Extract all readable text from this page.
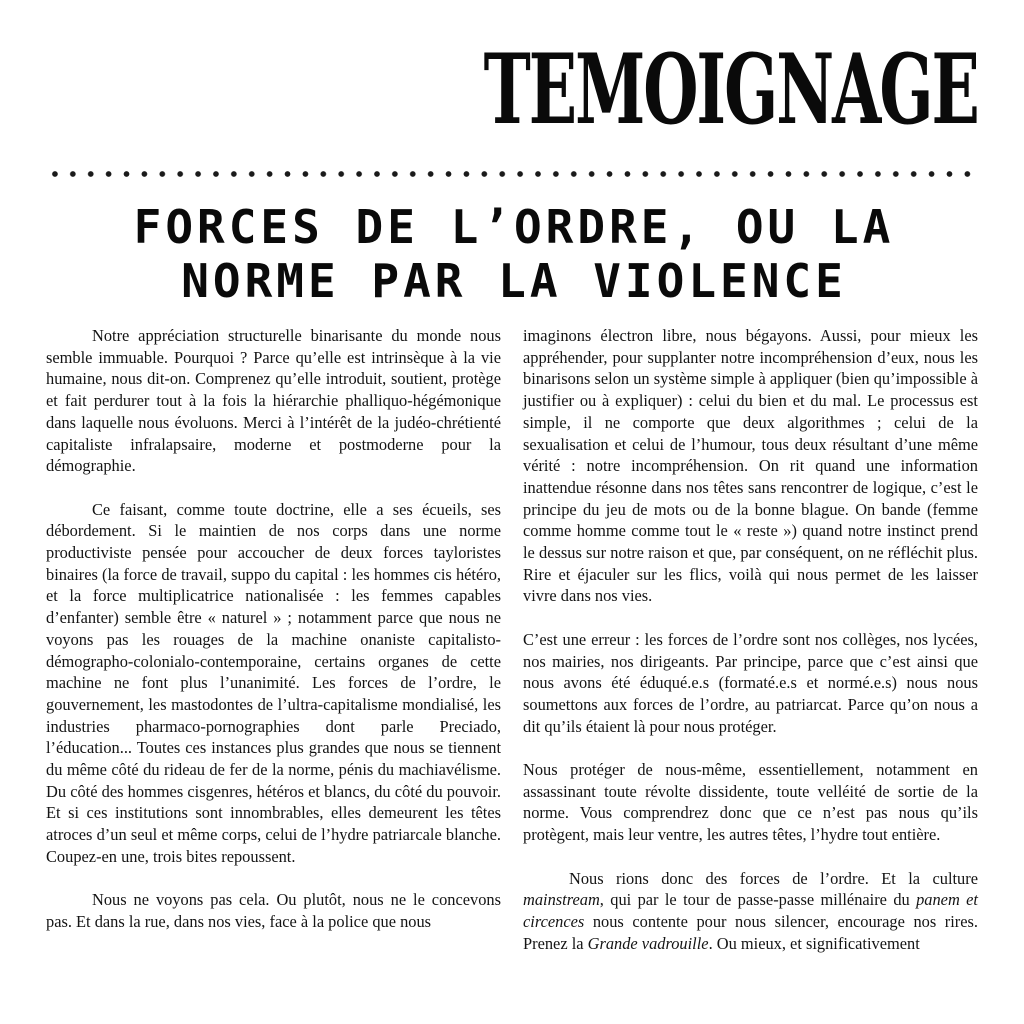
TEMOIGNAGE
FORCES DE L’ORDRE, OU LA NORME PAR LA VIOLENCE

Notre appréciation structurelle binarisante du monde nous semble immuable. Pourquoi ? Parce qu’elle est intrinsèque à la vie humaine, nous dit-on. Comprenez qu’elle introduit, soutient, protège et fait perdurer tout à la fois la hiérarchie phalliquo-hégémonique dans laquelle nous évoluons. Merci à l’intérêt de la judéo-chrétienté capitaliste infralapsaire, moderne et postmoderne pour la démographie.

Ce faisant, comme toute doctrine, elle a ses écueils, ses débordement. Si le maintien de nos corps dans une norme productiviste pensée pour accoucher de deux forces tayloristes binaires (la force de travail, suppo du capital : les hommes cis hétéro, et la force multiplicatrice nationalisée : les femmes capables d’enfanter) semble être « naturel » ; notamment parce que nous ne voyons pas les rouages de la machine onaniste capitalisto-démographo-colonialo-contemporaine, certains organes de cette machine ne font plus l’unanimité. Les forces de l’ordre, le gouvernement, les mastodontes de l’ultra-capitalisme mondialisé, les industries pharmaco-pornographies dont parle Preciado, l’éducation... Toutes ces instances plus grandes que nous se tiennent du même côté du rideau de fer de la norme, pénis du machiavélisme. Du côté des hommes cisgenres, hétéros et blancs, du côté du pouvoir. Et si ces institutions sont innombrables, elles demeurent les têtes atroces d’un seul et même corps, celui de l’hydre patriarcale blanche. Coupez-en une, trois bites repoussent.

Nous ne voyons pas cela. Ou plutôt, nous ne le concevons pas. Et dans la rue, dans nos vies, face à la police que nous

imaginons électron libre, nous bégayons. Aussi, pour mieux les appréhender, pour supplanter notre incompréhension d’eux, nous les binarisons selon un système simple à appliquer (bien qu’impossible à justifier ou à expliquer) : celui du bien et du mal. Le processus est simple, il ne comporte que deux algorithmes ; celui de la sexualisation et celui de l’humour, tous deux résultant d’une même vérité : notre incompréhension. On rit quand une information inattendue résonne dans nos têtes sans rencontrer de logique, c’est le principe du jeu de mots ou de la bonne blague. On bande (femme comme homme comme tout le « reste ») quand notre instinct prend le dessus sur notre raison et que, par conséquent, on ne réfléchit plus. Rire et éjaculer sur les flics, voilà qui nous permet de les laisser vivre dans nos vies.

C’est une erreur : les forces de l’ordre sont nos collèges, nos lycées, nos mairies, nos dirigeants. Par principe, parce que c’est ainsi que nous avons été éduqué.e.s (formaté.e.s et normé.e.s) nous nous soumettons aux forces de l’ordre, au patriarcat. Parce qu’on nous a dit qu’ils étaient là pour nous protéger.

Nous protéger de nous-même, essentiellement, notamment en assassinant toute révolte dissidente, toute velléité de sortie de la norme. Vous comprendrez donc que ce n’est pas nous qu’ils protègent, mais leur ventre, les autres têtes, l’hydre tout entière.

Nous rions donc des forces de l’ordre. Et la culture mainstream, qui par le tour de passe-passe millénaire du panem et circences nous contente pour nous silencer, encourage nos rires. Prenez la Grande vadrouille. Ou mieux, et significativement
